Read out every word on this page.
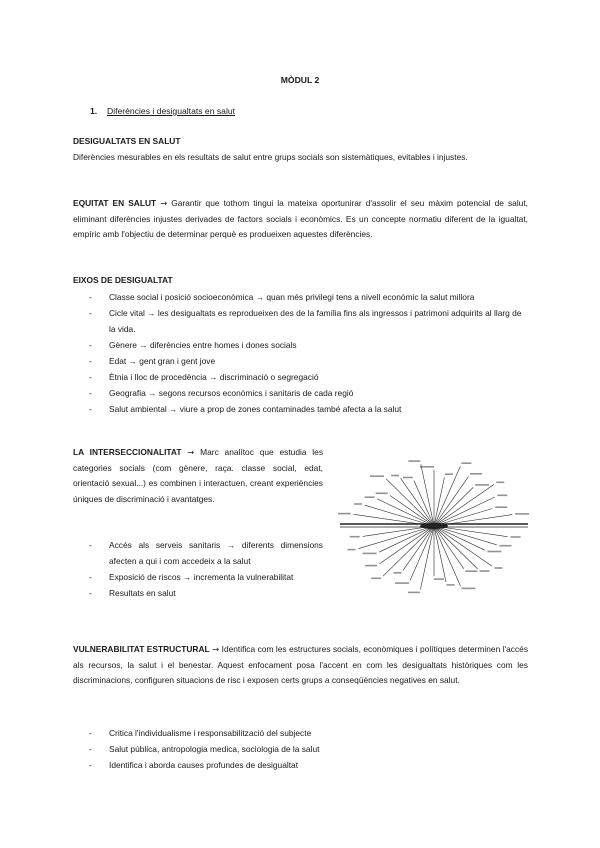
MÒDUL 2
1. Diferències i desigualtats en salut
DESIGUALTATS EN SALUT
Diferències mesurables en els resultats de salut entre grups socials son sistemàtiques, evitables i injustes.
EQUITAT EN SALUT → Garantir que tothom tingui la mateixa oportunirar d'assolir el seu màxim potencial de salut, eliminant diferències injustes derivades de factors socials i econòmics. Es un concepte normatiu diferent de la igualtat, empíric amb l'objectiu de determinar perquè es produeixen aquestes diferències.
EIXOS DE DESIGUALTAT
- Classe social i posició socioeconòmica → quan més privilegi tens a nivell econòmic la salut millora
- Cicle vital → les desigualtats es reprodueixen des de la família fins als ingressos i patrimoni adquirits al llarg de la vida.
- Gènere → diferències entre homes i dones socials
- Edat → gent gran i gent jove
- Ètnia i lloc de procedència → discriminació o segregació
- Geografia → segons recursos econòmics i sanitaris de cada regió
- Salut ambiental → viure a prop de zones contaminades també afecta a la salut
LA INTERSECCIONALITAT → Marc analítoc que estudia les categories socials (com gènere, raça. classe social, edat, orientació sexual...) es combinen i interactuen, creant experiències úniques de discriminació i avantatges.
- Accés als serveis sanitaris → diferents dimensions afecten a qui i com accedeix a la salut
- Exposició de riscos → incrementa la vulnerabilitat
- Resultats en salut
VULNERABILITAT ESTRUCTURAL → Identifica com les estructures socials, econòmiques i polítiques determinen l'accés als recursos, la salut i el benestar. Aquest enfocament posa l'accent en com les desigualtats històriques com les discriminacions, configuren situacions de risc i exposen certs grups a conseqüències negatives en salut.
- Critica l'individualisme i responsabilització del subjecte
- Salut pública, antropologia medica, sociologia de la salut
- Identifica i aborda causes profundes de desigualtat
